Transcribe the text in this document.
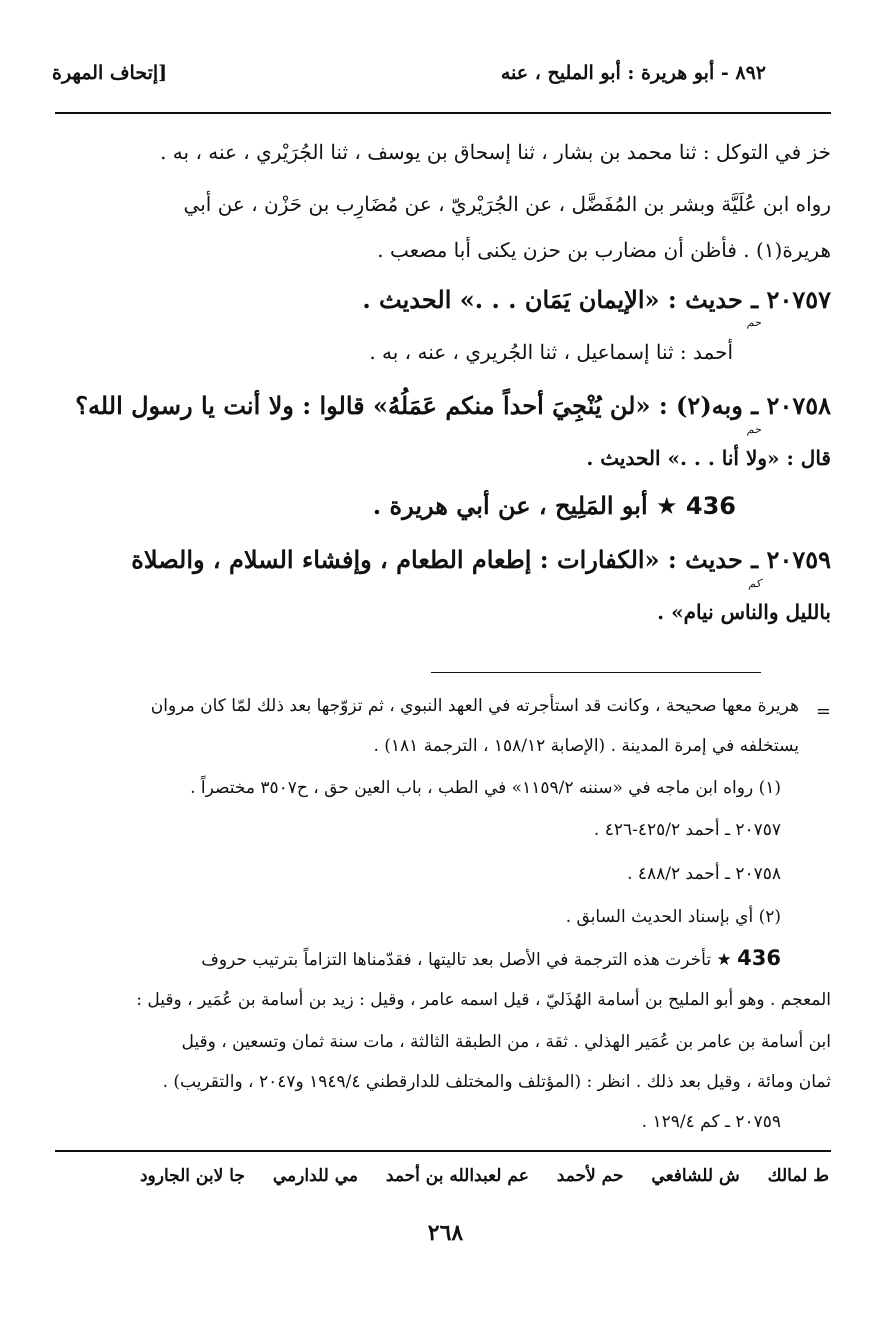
٨٩٢ - أبو هريرة : أبو المليح ، عنه
[إتحاف المهرة
خز في التوكل : ثنا محمد بن بشار ، ثنا إسحاق بن يوسف ، ثنا الجُرَيْري ، عنه ، به .
رواه ابن عُلَيَّة وبشر بن المُفَضَّل ، عن الجُرَيْريّ ، عن مُضَارِب بن حَزْن ، عن أبي
هريرة(١) . فأظن أن مضارب بن حزن يكنى أبا مصعب .
٢٠٧٥٧ ـ حديث : «الإيمان يَمَان . . .» الحديث .
حم
أحمد : ثنا إسماعيل ، ثنا الجُريري ، عنه ، به .
٢٠٧٥٨ ـ وبه(٢) : «لن يُنْجِيَ أحداً منكم عَمَلُهُ» قالوا : ولا أنت يا رسول الله؟
حم
قال : «ولا أنا . . .» الحديث .
436 ★ أبو المَلِيح ، عن أبي هريرة .
٢٠٧٥٩ ـ حديث : «الكفارات : إطعام الطعام ، وإفشاء السلام ، والصلاة
كم
بالليل والناس نيام» .
=
هريرة معها صحيحة ، وكانت قد استأجرته في العهد النبوي ، ثم تزوّجها بعد ذلك لمّا كان مروان
يستخلفه في إمرة المدينة . (الإصابة ١٥٨/١٢ ، الترجمة ١٨١) .
(١) رواه ابن ماجه في «سننه ١١٥٩/٢» في الطب ، باب العين حق ، ح٣٥٠٧ مختصراً .
٢٠٧٥٧ ـ أحمد ٤٢٥/٢-٤٢٦ .
٢٠٧٥٨ ـ أحمد ٤٨٨/٢ .
(٢) أي بإسناد الحديث السابق .
436 ★ تأخرت هذه الترجمة في الأصل بعد تاليتها ، فقدّمناها التزاماً بترتيب حروف
المعجم . وهو أبو المليح بن أسامة الهُذَليّ ، قيل اسمه عامر ، وقيل : زيد بن أسامة بن عُمَير ، وقيل :
ابن أسامة بن عامر بن عُمَير الهذلي . ثقة ، من الطبقة الثالثة ، مات سنة ثمان وتسعين ، وقيل
ثمان ومائة ، وقيل بعد ذلك . انظر : (المؤتلف والمختلف للدارقطني ١٩٤٩/٤ و٢٠٤٧ ، والتقريب) .
٢٠٧٥٩ ـ كم ١٢٩/٤ .
ط لمالك ش للشافعي حم لأحمد عم لعبدالله بن أحمد مي للدارمي جا لابن الجارود
٢٦٨
